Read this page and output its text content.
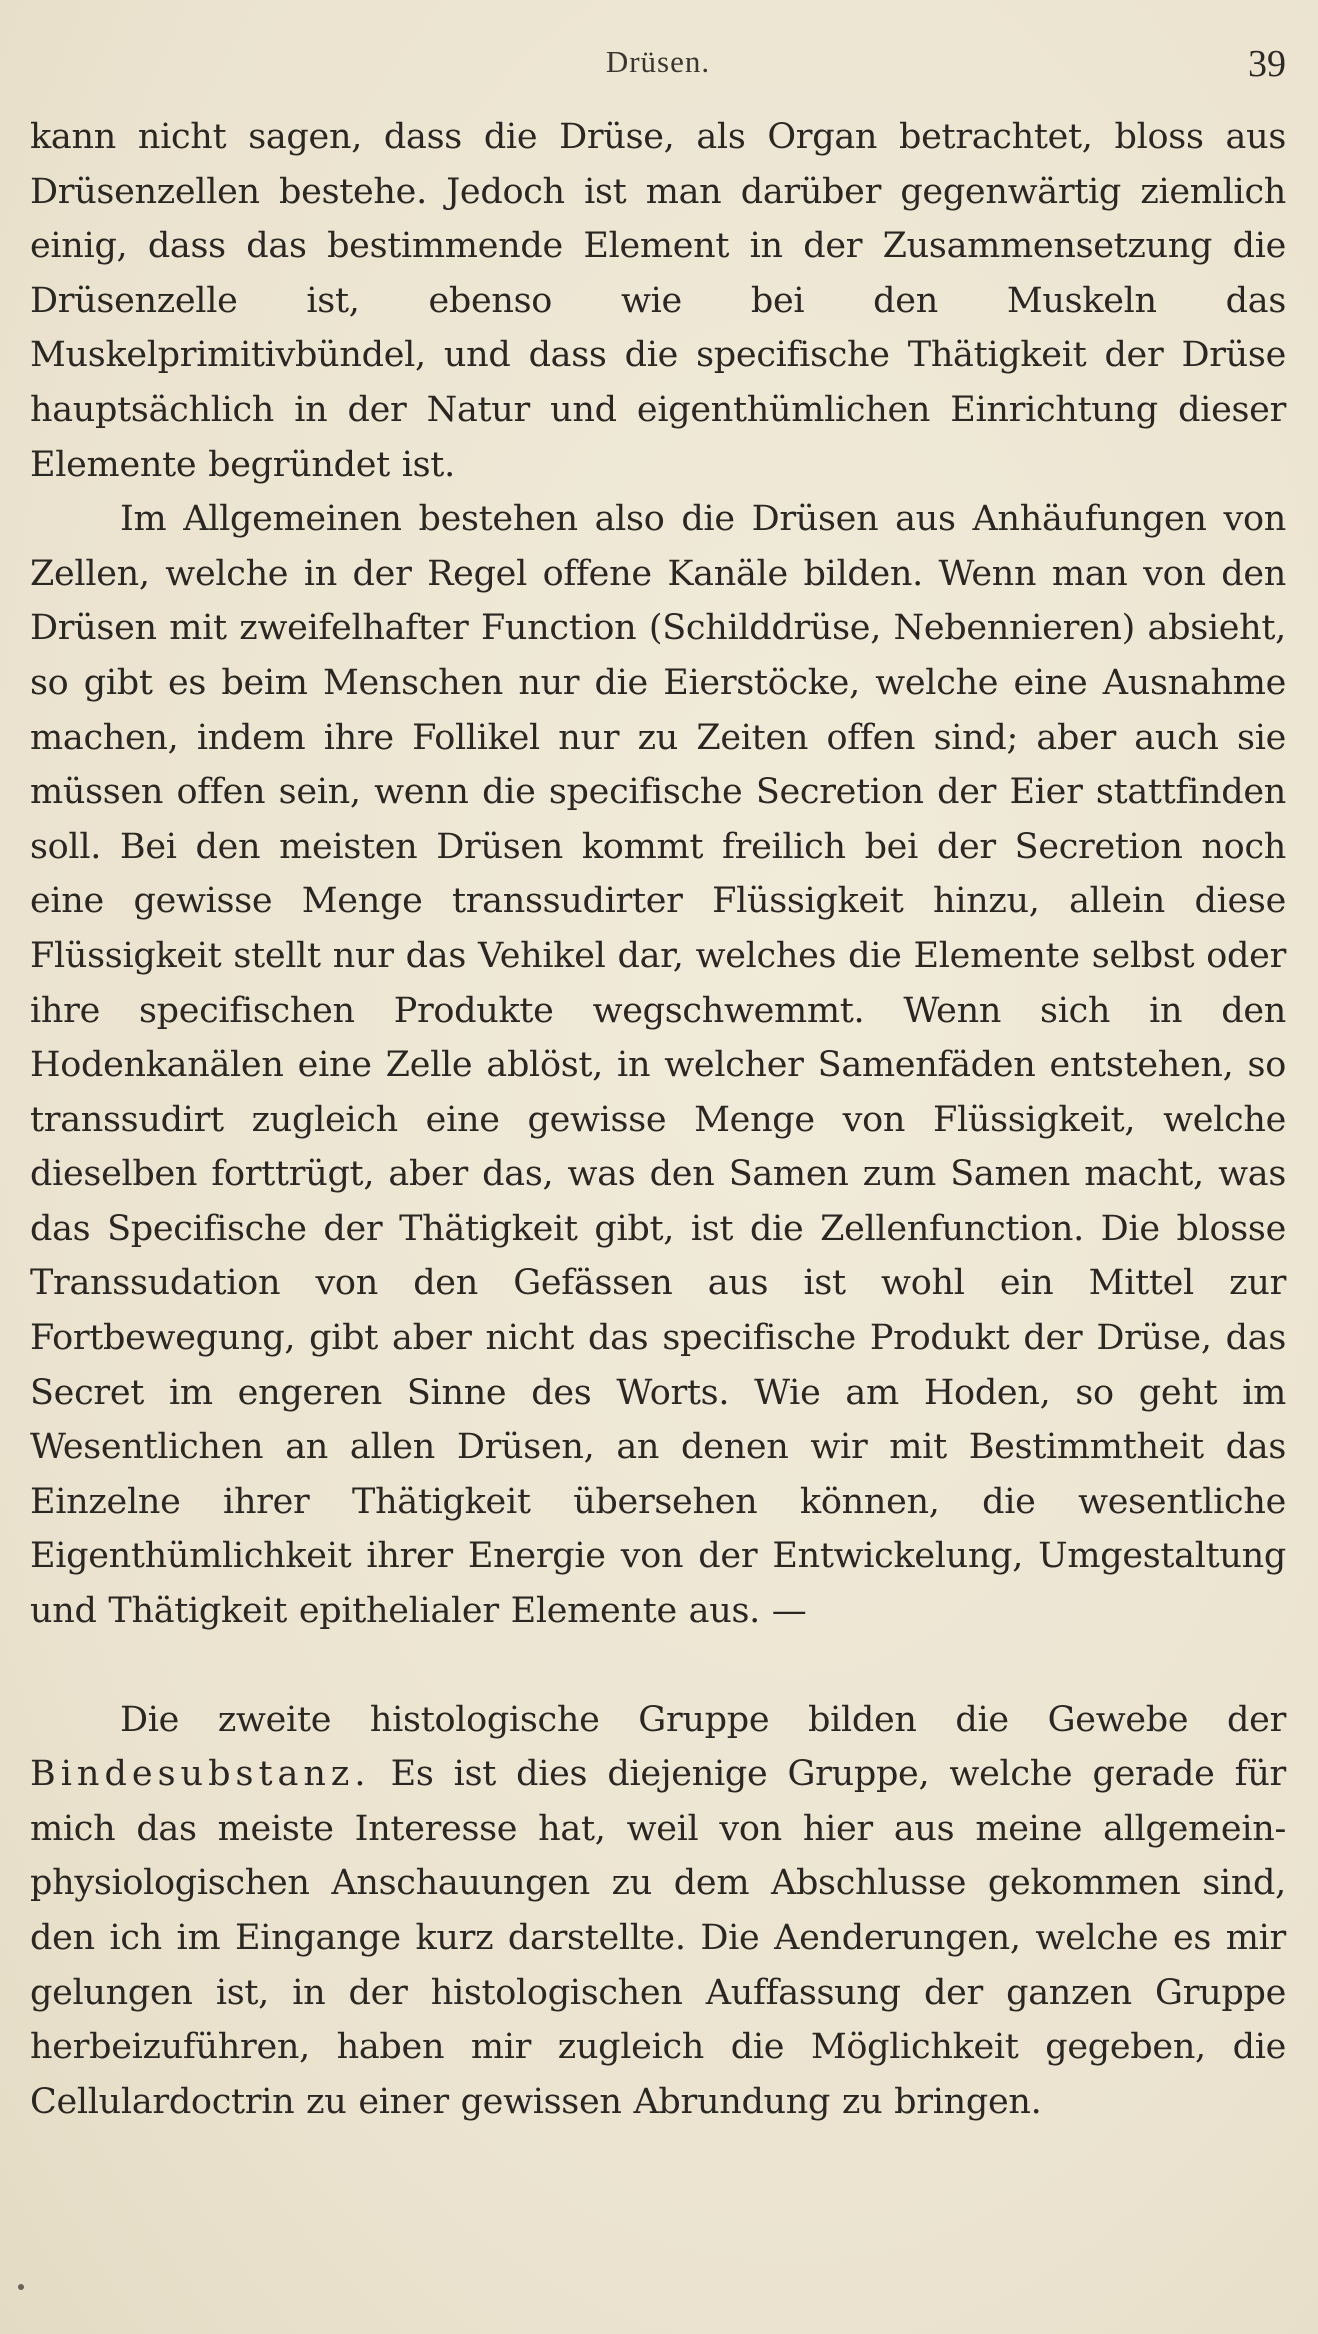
Drüsen.	39

kann nicht sagen, dass die Drüse, als Organ betrachtet, bloss aus Drüsenzellen bestehe. Jedoch ist man darüber gegenwärtig ziemlich einig, dass das bestimmende Element in der Zusammensetzung die Drüsenzelle ist, ebenso wie bei den Muskeln das Muskelprimitivbündel, und dass die specifische Thätigkeit der Drüse hauptsächlich in der Natur und eigenthümlichen Einrichtung dieser Elemente begründet ist.

Im Allgemeinen bestehen also die Drüsen aus Anhäufungen von Zellen, welche in der Regel offene Kanäle bilden. Wenn man von den Drüsen mit zweifelhafter Function (Schilddrüse, Nebennieren) absieht, so gibt es beim Menschen nur die Eierstöcke, welche eine Ausnahme machen, indem ihre Follikel nur zu Zeiten offen sind; aber auch sie müssen offen sein, wenn die specifische Secretion der Eier stattfinden soll. Bei den meisten Drüsen kommt freilich bei der Secretion noch eine gewisse Menge transsudirter Flüssigkeit hinzu, allein diese Flüssigkeit stellt nur das Vehikel dar, welches die Elemente selbst oder ihre specifischen Produkte wegschwemmt. Wenn sich in den Hodenkanälen eine Zelle ablöst, in welcher Samenfäden entstehen, so transsudirt zugleich eine gewisse Menge von Flüssigkeit, welche dieselben forttrügt, aber das, was den Samen zum Samen macht, was das Specifische der Thätigkeit gibt, ist die Zellenfunction. Die blosse Transsudation von den Gefässen aus ist wohl ein Mittel zur Fortbewegung, gibt aber nicht das specifische Produkt der Drüse, das Secret im engeren Sinne des Worts. Wie am Hoden, so geht im Wesentlichen an allen Drüsen, an denen wir mit Bestimmtheit das Einzelne ihrer Thätigkeit übersehen können, die wesentliche Eigenthümlichkeit ihrer Energie von der Entwickelung, Umgestaltung und Thätigkeit epithelialer Elemente aus. —

Die zweite histologische Gruppe bilden die Gewebe der Bindesubstanz. Es ist dies diejenige Gruppe, welche gerade für mich das meiste Interesse hat, weil von hier aus meine allgemein-physiologischen Anschauungen zu dem Abschlusse gekommen sind, den ich im Eingange kurz darstellte. Die Aenderungen, welche es mir gelungen ist, in der histologischen Auffassung der ganzen Gruppe herbeizuführen, haben mir zugleich die Möglichkeit gegeben, die Cellulardoctrin zu einer gewissen Abrundung zu bringen.
